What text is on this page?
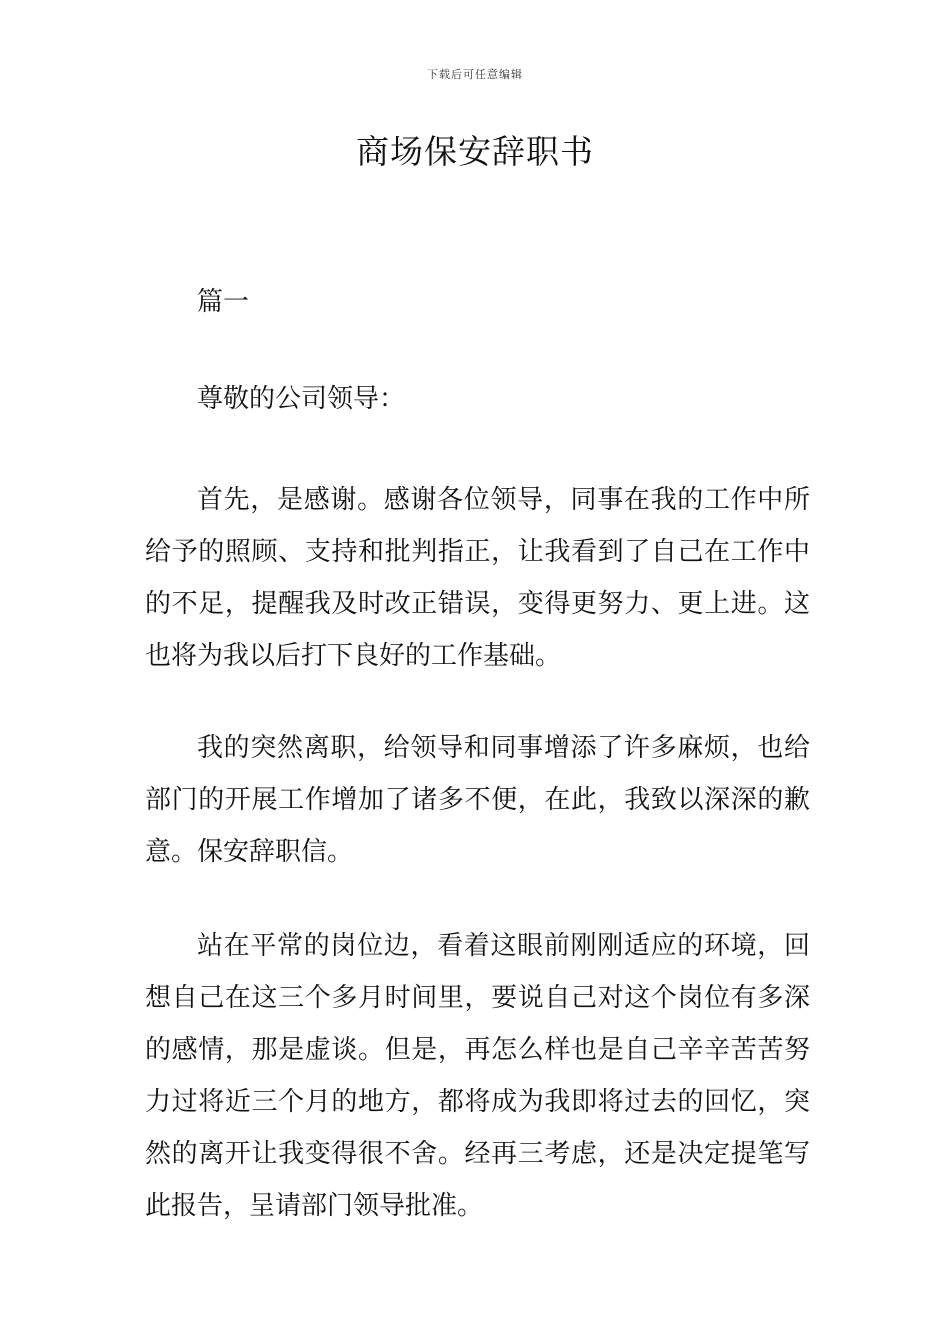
下载后可任意编辑
商场保安辞职书
篇一
尊敬的公司领导：

首先，是感谢。感谢各位领导，同事在我的工作中所给予的照顾、支持和批判指正，让我看到了自己在工作中的不足，提醒我及时改正错误，变得更努力、更上进。这也将为我以后打下良好的工作基础。

我的突然离职，给领导和同事增添了许多麻烦，也给部门的开展工作增加了诸多不便，在此，我致以深深的歉意。保安辞职信。

站在平常的岗位边，看着这眼前刚刚适应的环境，回想自己在这三个多月时间里，要说自己对这个岗位有多深的感情，那是虚谈。但是，再怎么样也是自己辛辛苦苦努力过将近三个月的地方，都将成为我即将过去的回忆，突然的离开让我变得很不舍。经再三考虑，还是决定提笔写此报告，呈请部门领导批准。
